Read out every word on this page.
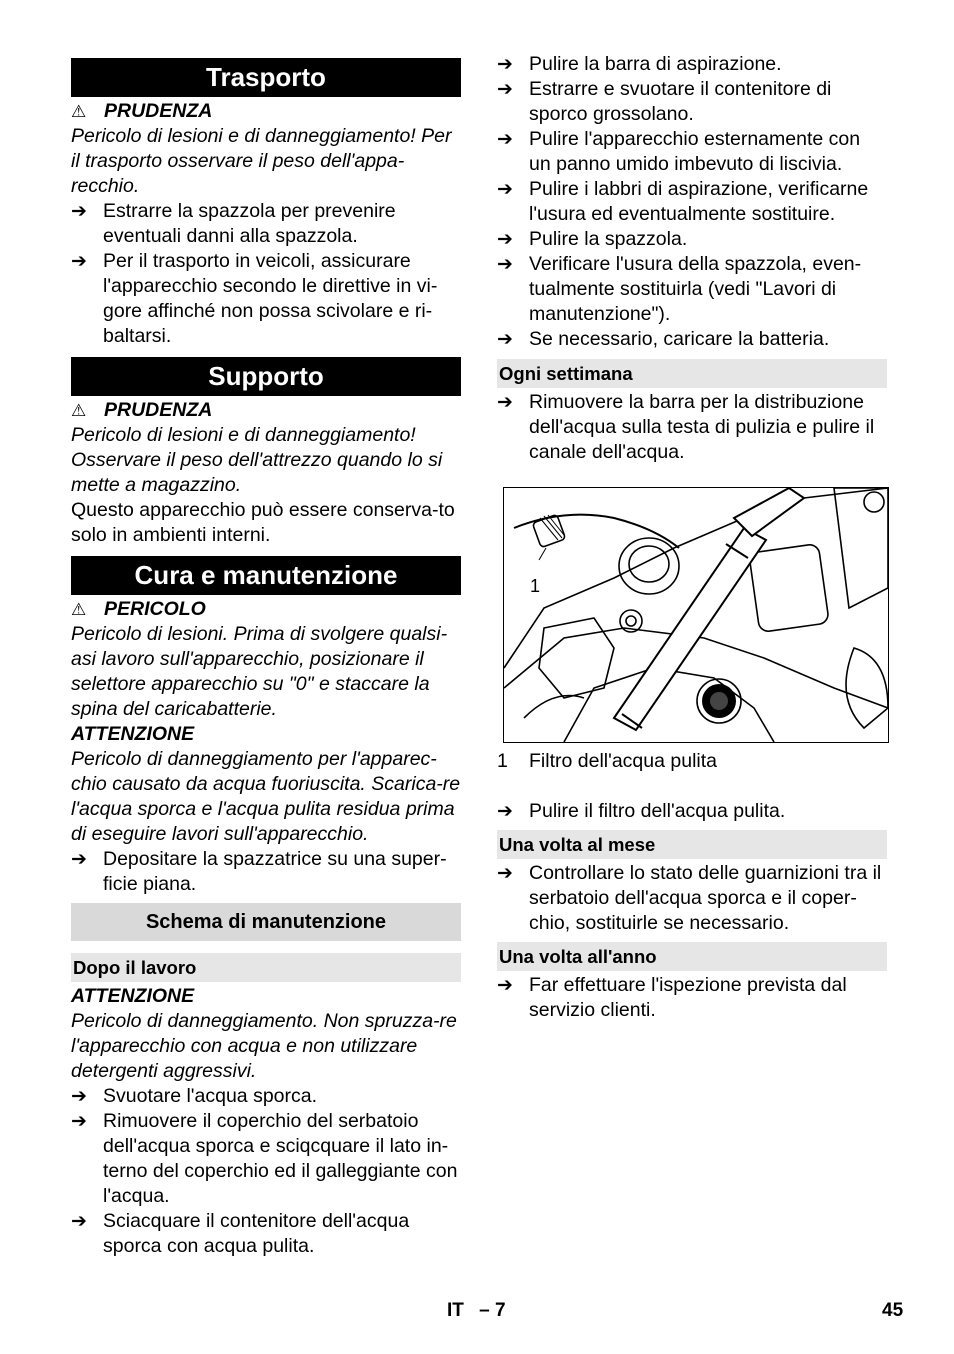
Trasporto
⚠ PRUDENZA

Pericolo di lesioni e di danneggiamento! Per il trasporto osservare il peso dell'appa-recchio.

➔ Estrarre la spazzola per prevenire eventuali danni alla spazzola.
➔ Per il trasporto in veicoli, assicurare l'apparecchio secondo le direttive in vi-gore affinché non possa scivolare e ri-baltarsi.
Supporto
⚠ PRUDENZA

Pericolo di lesioni e di danneggiamento! Osservare il peso dell'attrezzo quando lo si mette a magazzino.

Questo apparecchio può essere conserva-to solo in ambienti interni.

Cura e manutenzione
⚠ PERICOLO

Pericolo di lesioni. Prima di svolgere qualsi-asi lavoro sull'apparecchio, posizionare il selettore apparecchio su "0" e staccare la spina del caricabatterie.

ATTENZIONE

Pericolo di danneggiamento per l'apparec-chio causato da acqua fuoriuscita. Scarica-re l'acqua sporca e l'acqua pulita residua prima di eseguire lavori sull'apparecchio.

➔ Depositare la spazzatrice su una super-ficie piana.
Schema di manutenzione
Dopo il lavoro

ATTENZIONE

Pericolo di danneggiamento. Non spruzza-re l'apparecchio con acqua e non utilizzare detergenti aggressivi.

➔ Svuotare l'acqua sporca.
➔ Rimuovere il coperchio del serbatoio dell'acqua sporca e sciqcquare il lato in-terno del coperchio ed il galleggiante con l'acqua.
➔ Sciacquare il contenitore dell'acqua sporca con acqua pulita.
➔ Pulire la barra di aspirazione.
➔ Estrarre e svuotare il contenitore di sporco grossolano.
➔ Pulire l'apparecchio esternamente con un panno umido imbevuto di liscivia.
➔ Pulire i labbri di aspirazione, verificarne l'usura ed eventualmente sostituire.
➔ Pulire la spazzola.
➔ Verificare l'usura della spazzola, even-tualmente sostituirla (vedi "Lavori di manutenzione").
➔ Se necessario, caricare la batteria.
Ogni settimana
➔ Rimuovere la barra per la distribuzione dell'acqua sulla testa di pulizia e pulire il canale dell'acqua.
1
1	Filtro dell'acqua pulita
➔ Pulire il filtro dell'acqua pulita.
Una volta al mese
➔ Controllare lo stato delle guarnizioni tra il serbatoio dell'acqua sporca e il coper-chio, sostituirle se necessario.
Una volta all'anno
➔ Far effettuare l'ispezione prevista dal servizio clienti.
IT – 7	45
